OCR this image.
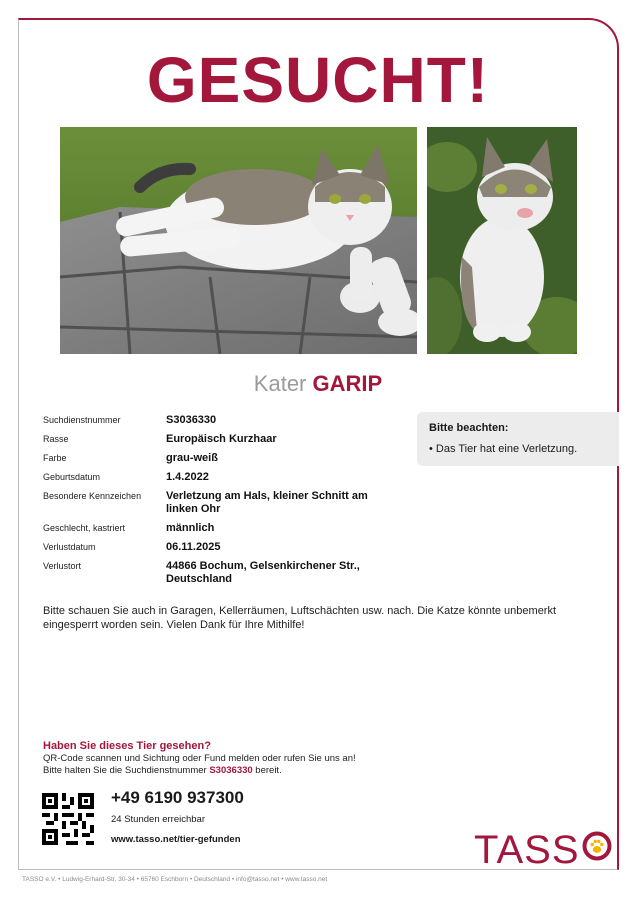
GESUCHT!
Kater GARIP
Suchdienstnummer	S3036330
Rasse	Europäisch Kurzhaar
Farbe	grau-weiß
Geburtsdatum	1.4.2022
Besondere Kennzeichen	Verletzung am Hals, kleiner Schnitt am linken Ohr
Geschlecht, kastriert	männlich
Verlustdatum	06.11.2025
Verlustort	44866 Bochum, Gelsenkirchener Str., Deutschland
Bitte beachten:
• Das Tier hat eine Verletzung.
Bitte schauen Sie auch in Garagen, Kellerräumen, Luftschächten usw. nach. Die Katze könnte unbemerkt eingesperrt worden sein. Vielen Dank für Ihre Mithilfe!
Haben Sie dieses Tier gesehen?
QR-Code scannen und Sichtung oder Fund melden oder rufen Sie uns an!
Bitte halten Sie die Suchdienstnummer S3036330 bereit.
+49 6190 937300
24 Stunden erreichbar
www.tasso.net/tier-gefunden	TASS
TASSO e.V. • Ludwig-Erhard-Str. 30-34 • 65760 Eschborn • Deutschland • info@tasso.net • www.tasso.net
